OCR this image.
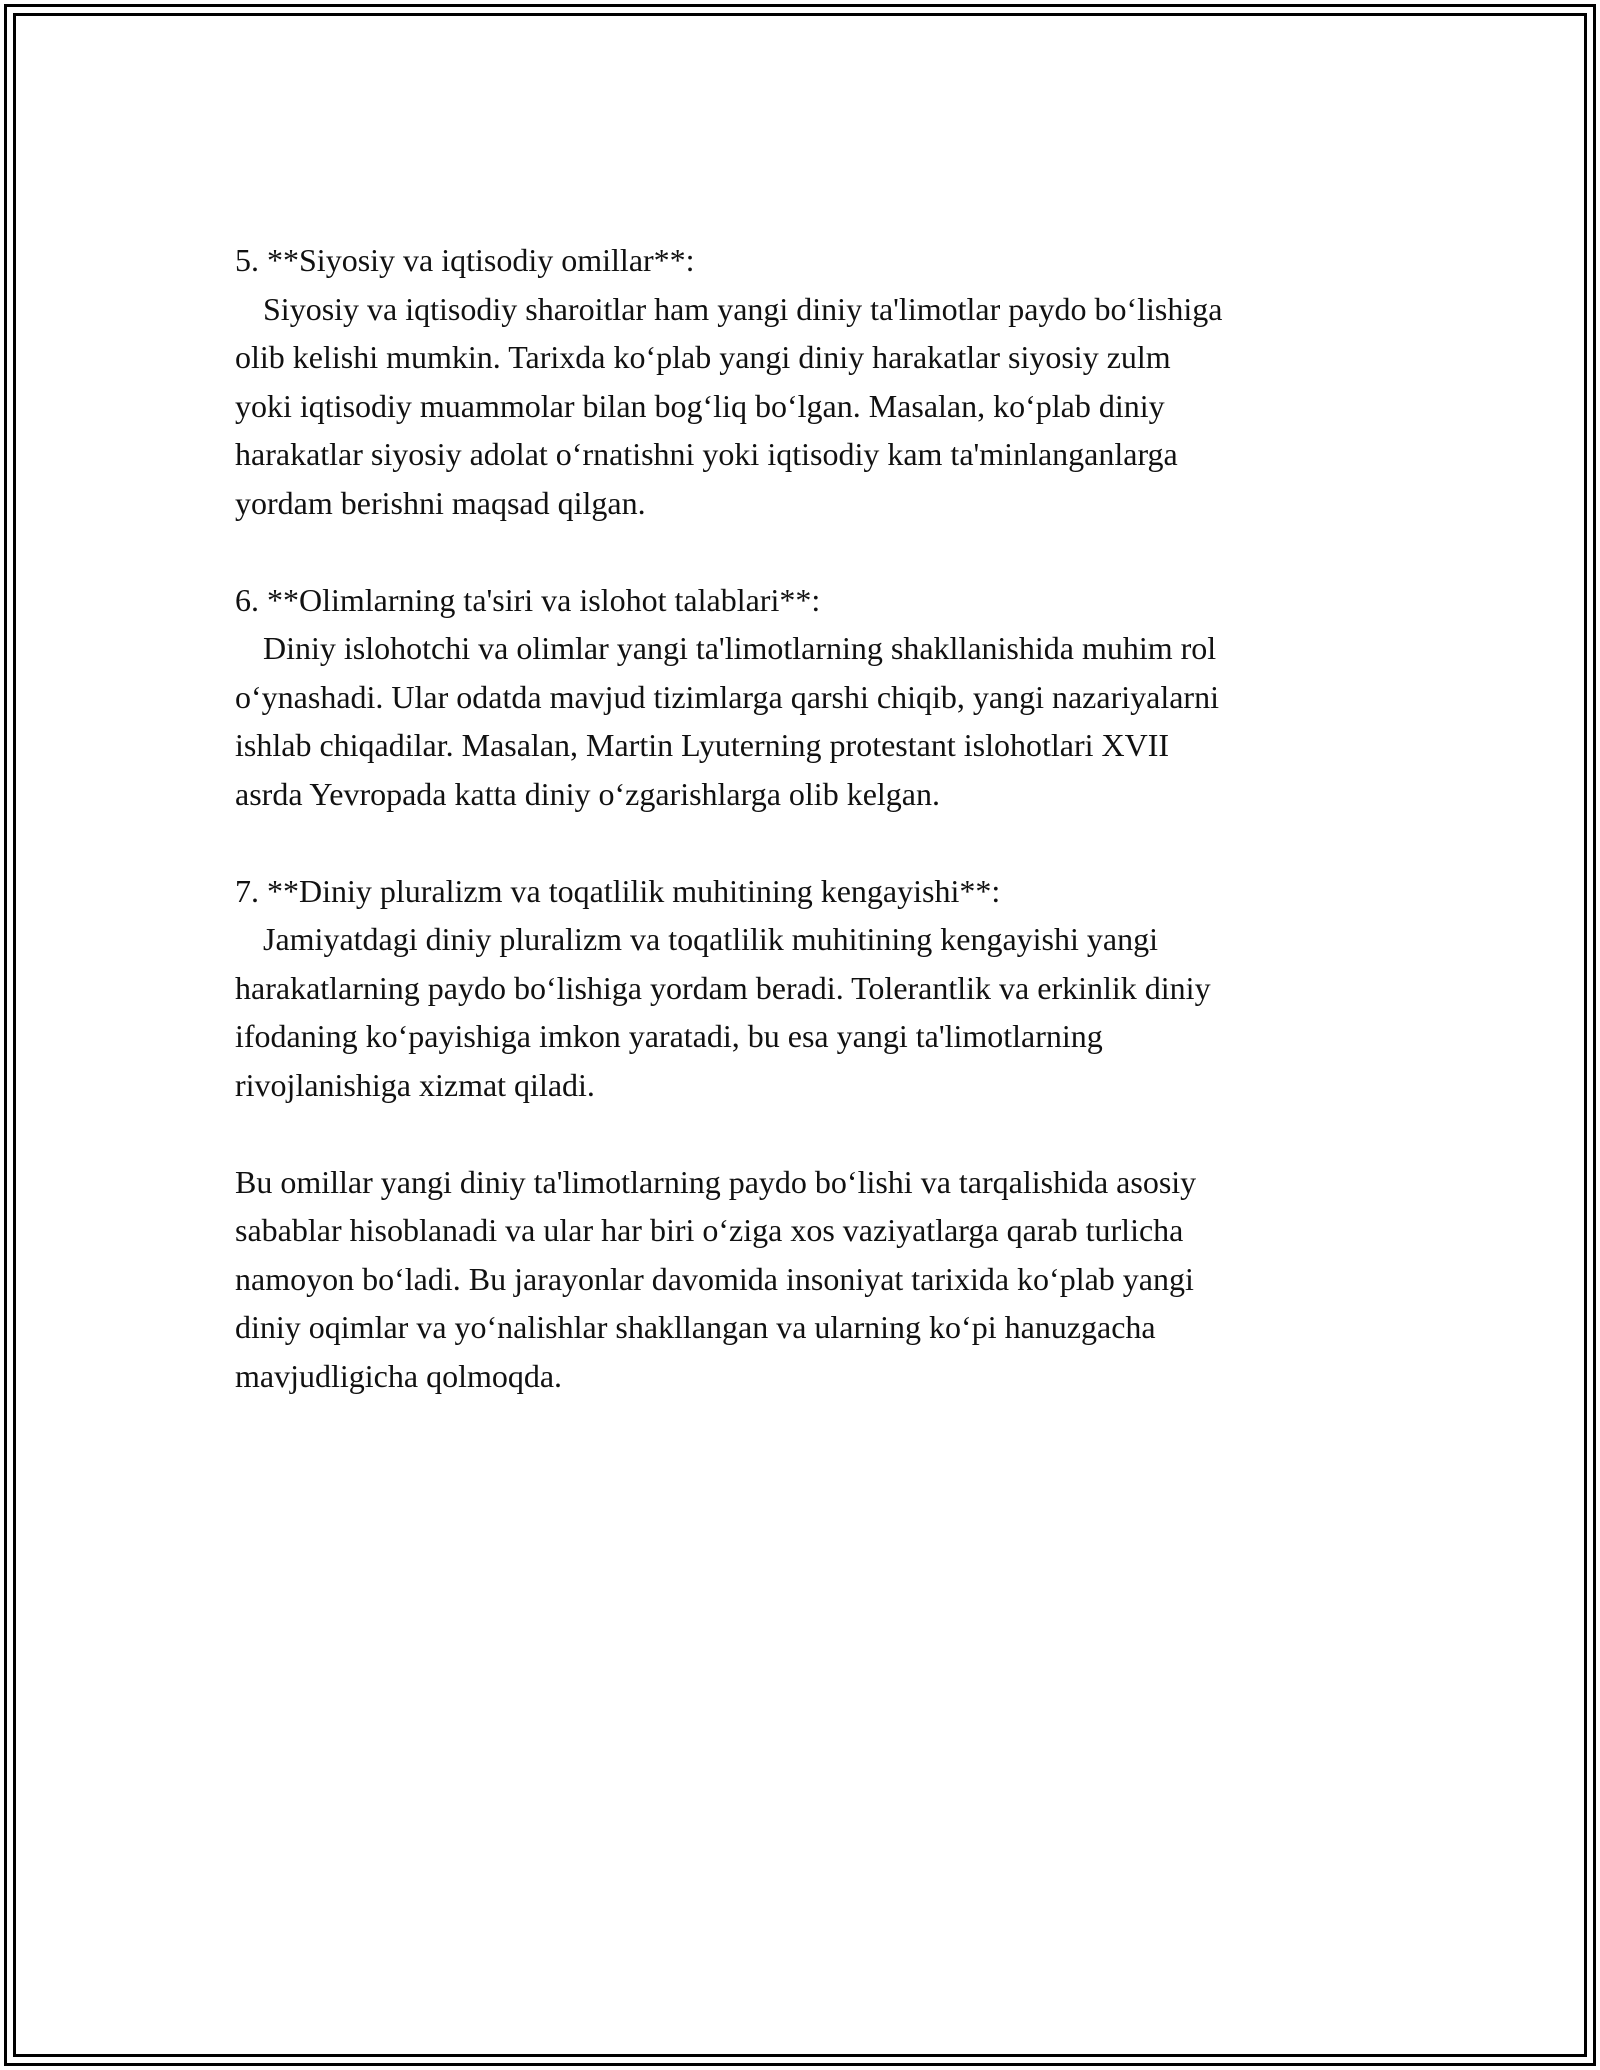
5. **Siyosiy va iqtisodiy omillar**:
Siyosiy va iqtisodiy sharoitlar ham yangi diniy ta'limotlar paydo bo‘lishiga
olib kelishi mumkin. Tarixda ko‘plab yangi diniy harakatlar siyosiy zulm
yoki iqtisodiy muammolar bilan bog‘liq bo‘lgan. Masalan, ko‘plab diniy
harakatlar siyosiy adolat o‘rnatishni yoki iqtisodiy kam ta'minlanganlarga
yordam berishni maqsad qilgan.
6. **Olimlarning ta'siri va islohot talablari**:
Diniy islohotchi va olimlar yangi ta'limotlarning shakllanishida muhim rol
o‘ynashadi. Ular odatda mavjud tizimlarga qarshi chiqib, yangi nazariyalarni
ishlab chiqadilar. Masalan, Martin Lyuterning protestant islohotlari XVII
asrda Yevropada katta diniy o‘zgarishlarga olib kelgan.
7. **Diniy pluralizm va toqatlilik muhitining kengayishi**:
Jamiyatdagi diniy pluralizm va toqatlilik muhitining kengayishi yangi
harakatlarning paydo bo‘lishiga yordam beradi. Tolerantlik va erkinlik diniy
ifodaning ko‘payishiga imkon yaratadi, bu esa yangi ta'limotlarning
rivojlanishiga xizmat qiladi.
Bu omillar yangi diniy ta'limotlarning paydo bo‘lishi va tarqalishida asosiy
sabablar hisoblanadi va ular har biri o‘ziga xos vaziyatlarga qarab turlicha
namoyon bo‘ladi. Bu jarayonlar davomida insoniyat tarixida ko‘plab yangi
diniy oqimlar va yo‘nalishlar shakllangan va ularning ko‘pi hanuzgacha
mavjudligicha qolmoqda.
